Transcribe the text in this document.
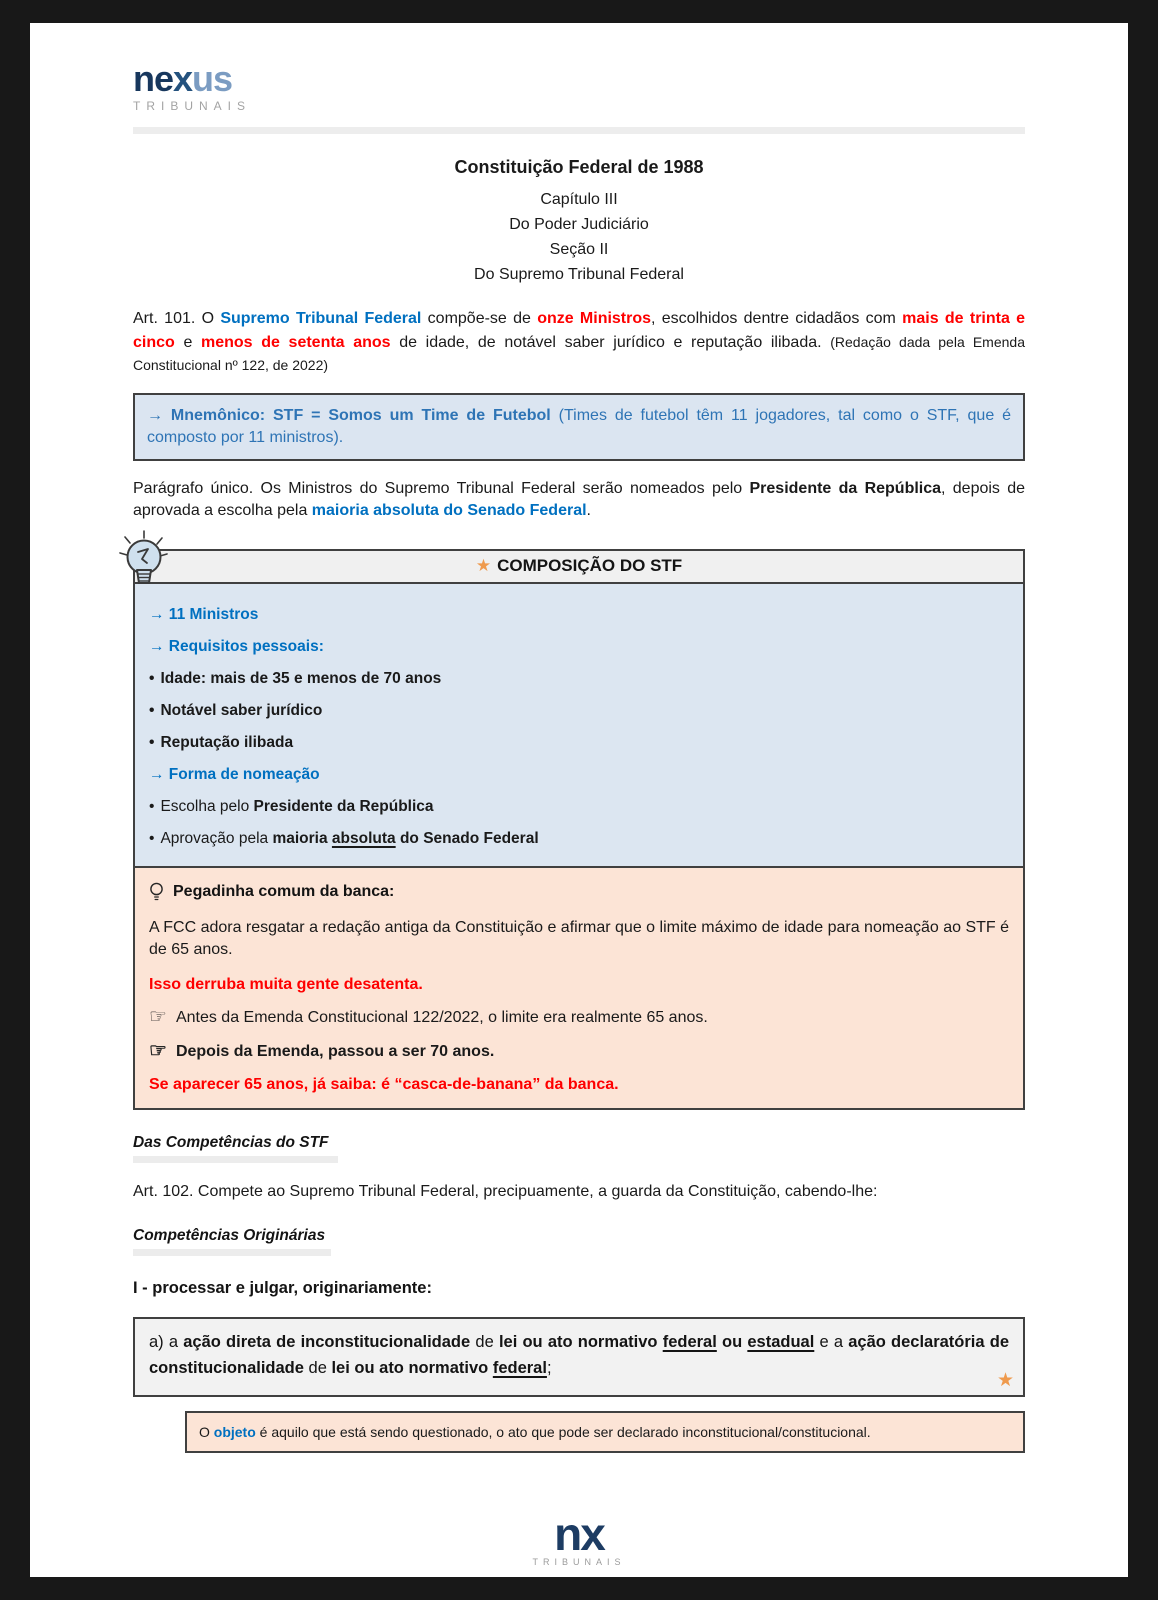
nexus
TRIBUNAIS
Constituição Federal de 1988
Capítulo III
Do Poder Judiciário
Seção II
Do Supremo Tribunal Federal

Art. 101. O Supremo Tribunal Federal compõe-se de onze Ministros, escolhidos dentre cidadãos com mais de trinta e cinco e menos de setenta anos de idade, de notável saber jurídico e reputação ilibada. (Redação dada pela Emenda Constitucional nº 122, de 2022)

→ Mnemônico: STF = Somos um Time de Futebol (Times de futebol têm 11 jogadores, tal como o STF, que é composto por 11 ministros).

Parágrafo único. Os Ministros do Supremo Tribunal Federal serão nomeados pelo Presidente da República, depois de aprovada a escolha pela maioria absoluta do Senado Federal.

★ COMPOSIÇÃO DO STF
→ 11 Ministros
→ Requisitos pessoais:
• Idade: mais de 35 e menos de 70 anos
• Notável saber jurídico
• Reputação ilibada
→ Forma de nomeação
• Escolha pelo Presidente da República
• Aprovação pela maioria absoluta do Senado Federal
Pegadinha comum da banca:

A FCC adora resgatar a redação antiga da Constituição e afirmar que o limite máximo de idade para nomeação ao STF é de 65 anos.

Isso derruba muita gente desatenta.
☞ Antes da Emenda Constitucional 122/2022, o limite era realmente 65 anos.
☞ Depois da Emenda, passou a ser 70 anos.
Se aparecer 65 anos, já saiba: é “casca-de-banana” da banca.
Das Competências do STF

Art. 102. Compete ao Supremo Tribunal Federal, precipuamente, a guarda da Constituição, cabendo-lhe:

Competências Originárias
I - processar e julgar, originariamente:
a) a ação direta de inconstitucionalidade de lei ou ato normativo federal ou estadual e a ação declaratória de constitucionalidade de lei ou ato normativo federal;
★
O objeto é aquilo que está sendo questionado, o ato que pode ser declarado inconstitucional/constitucional.
nx
TRIBUNAIS
